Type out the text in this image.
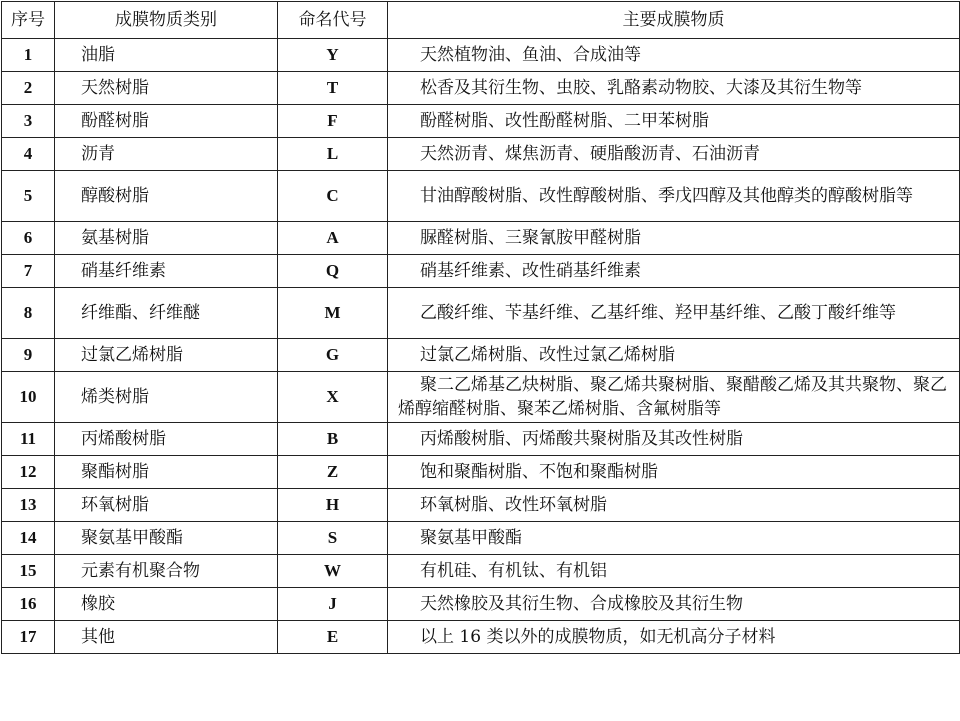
序号	成膜物质类别	命名代号	主要成膜物质
1	油脂	Y	天然植物油、鱼油、合成油等
2	天然树脂	T	松香及其衍生物、虫胶、乳酪素动物胶、大漆及其衍生物等
3	酚醛树脂	F	酚醛树脂、改性酚醛树脂、二甲苯树脂
4	沥青	L	天然沥青、煤焦沥青、硬脂酸沥青、石油沥青
5	醇酸树脂	C	甘油醇酸树脂、改性醇酸树脂、季戊四醇及其他醇类的醇酸树脂等
6	氨基树脂	A	脲醛树脂、三聚氰胺甲醛树脂
7	硝基纤维素	Q	硝基纤维素、改性硝基纤维素
8	纤维酯、纤维醚	M	乙酸纤维、苄基纤维、乙基纤维、羟甲基纤维、乙酸丁酸纤维等
9	过氯乙烯树脂	G	过氯乙烯树脂、改性过氯乙烯树脂
10	烯类树脂	X	聚二乙烯基乙炔树脂、聚乙烯共聚树脂、聚醋酸乙烯及其共聚物、聚乙烯醇缩醛树脂、聚苯乙烯树脂、含氟树脂等
11	丙烯酸树脂	B	丙烯酸树脂、丙烯酸共聚树脂及其改性树脂
12	聚酯树脂	Z	饱和聚酯树脂、不饱和聚酯树脂
13	环氧树脂	H	环氧树脂、改性环氧树脂
14	聚氨基甲酸酯	S	聚氨基甲酸酯
15	元素有机聚合物	W	有机硅、有机钛、有机铝
16	橡胶	J	天然橡胶及其衍生物、合成橡胶及其衍生物
17	其他	E	以上 16 类以外的成膜物质，如无机高分子材料
